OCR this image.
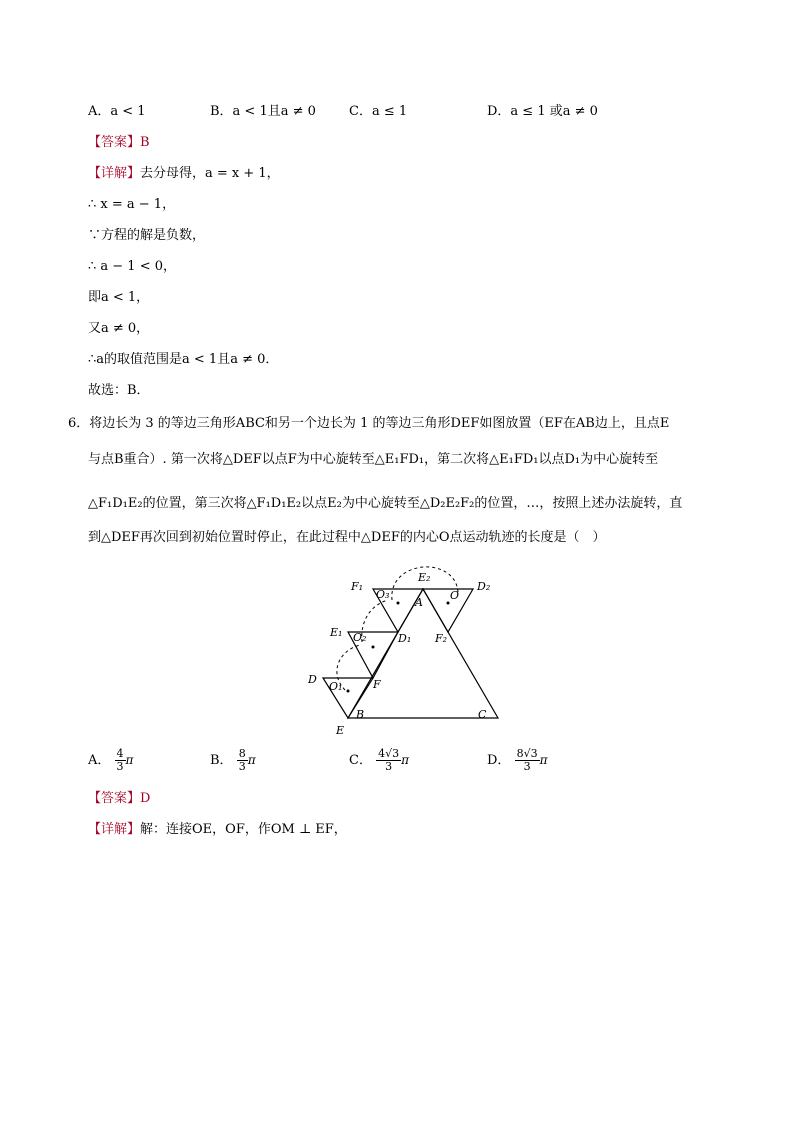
A．a < 1	B．a < 1且a ≠ 0	C．a ≤ 1	D．a ≤ 1 或a ≠ 0
【答案】B
【详解】去分母得，a = x + 1，
∴ x = a − 1，
∵方程的解是负数，
∴ a − 1 < 0，
即a < 1，
又a ≠ 0，
∴a的取值范围是a < 1且a ≠ 0．
故选：B．
6．将边长为 3 的等边三角形ABC和另一个边长为 1 的等边三角形DEF如图放置（EF在AB边上，且点E
与点B重合）. 第一次将△DEF以点F为中心旋转至△E₁FD₁，第二次将△E₁FD₁以点D₁为中心旋转至
△F₁D₁E₂的位置，第三次将△F₁D₁E₂以点E₂为中心旋转至△D₂E₂F₂的位置，…，按照上述办法旋转，直
到△DEF再次回到初始位置时停止，在此过程中△DEF的内心O点运动轨迹的长度是（　）
F₁
O₃
E₂
D₂
A
O
E₁ O₂	D₁ F₂
D
O₁	F
B	C
E
A． $\frac{4}{3}$ π	B． $\frac{8}{3}$ π	C． $\frac{4√3}{3}$ π	D． $\frac{8√3}{3}$ π
【答案】D
【详解】解：连接OE，OF，作OM ⊥ EF，
